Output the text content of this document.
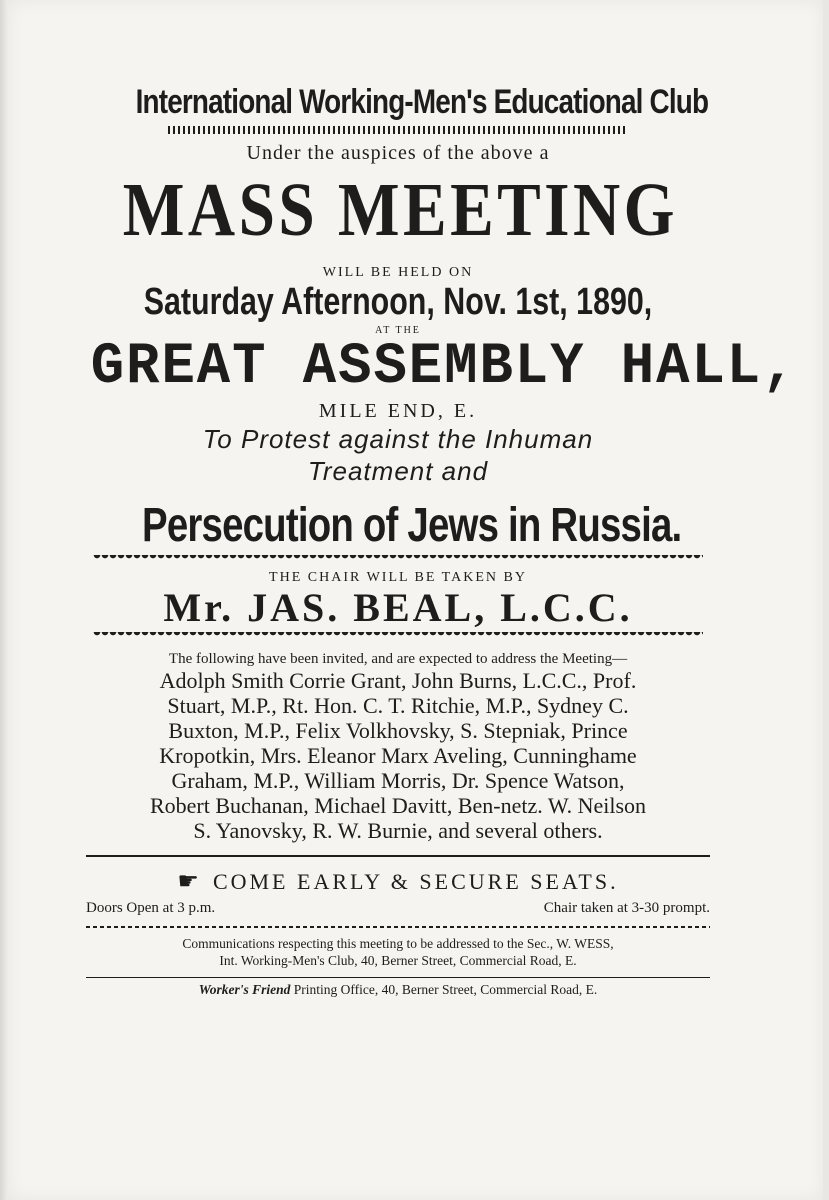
International Working-Men's Educational Club
Under the auspices of the above a
MASS MEETING
WILL BE HELD ON
Saturday Afternoon, Nov. 1st, 1890,
AT THE
GREAT ASSEMBLY HALL,
MILE END, E.
To Protest against the Inhuman
Treatment and
Persecution of Jews in Russia.
THE CHAIR WILL BE TAKEN BY
Mr. JAS. BEAL, L.C.C.
The following have been invited, and are expected to address the Meeting—
Adolph Smith Corrie Grant, John Burns, L.C.C., Prof.
Stuart, M.P., Rt. Hon. C. T. Ritchie, M.P., Sydney C.
Buxton, M.P., Felix Volkhovsky, S. Stepniak, Prince
Kropotkin, Mrs. Eleanor Marx Aveling, Cunninghame
Graham, M.P., William Morris, Dr. Spence Watson,
Robert Buchanan, Michael Davitt, Ben-netz. W. Neilson
S. Yanovsky, R. W. Burnie, and several others.
☛ COME EARLY & SECURE SEATS.
Doors Open at 3 p.m.	Chair taken at 3-30 prompt.
Communications respecting this meeting to be addressed to the Sec., W. WESS,
Int. Working-Men's Club, 40, Berner Street, Commercial Road, E.
Worker's Friend Printing Office, 40, Berner Street, Commercial Road, E.
